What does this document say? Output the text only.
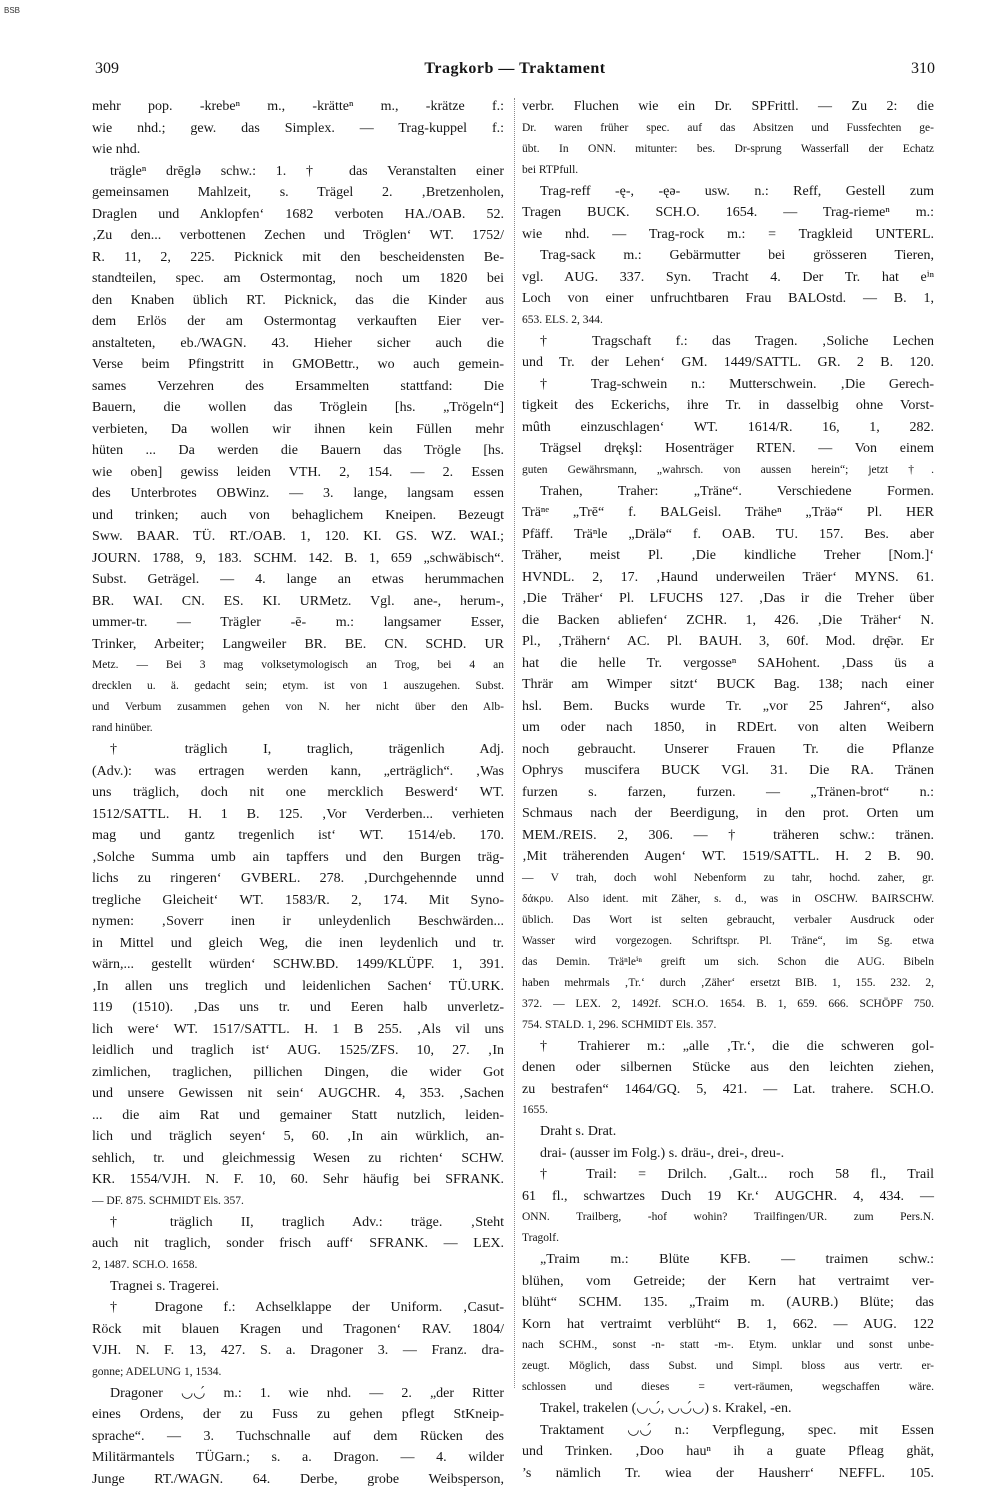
BSB
309	Tragkorb — Traktament	310
mehr pop. -krebeⁿ m., -krätteⁿ m., -krätze f.:
wie nhd.; gew. das Simplex. — Trag-kuppel f.:
wie nhd.
trägleⁿ drēglə schw.: 1. † das Veranstalten einer
gemeinsamen Mahlzeit, s. Trägel 2. ‚Bretzenholen,
Draglen und Anklopfen‘ 1682 verboten HA./OAB. 52.
‚Zu den... verbottenen Zechen und Tröglen‘ WT. 1752/
R. 11, 2, 225. Picknick mit den bescheidensten Be-
standteilen, spec. am Ostermontag, noch um 1820 bei
den Knaben üblich RT. Picknick, das die Kinder aus
dem Erlös der am Ostermontag verkauften Eier ver-
anstalteten, eb./WAGN. 43. Hieher sicher auch die
Verse beim Pfingstritt in GMOBettr., wo auch gemein-
sames Verzehren des Ersammelten stattfand: Die
Bauern, die wollen das Tröglein [hs. „Trögeln“]
verbieten, Da wollen wir ihnen kein Füllen mehr
hüten ... Da werden die Bauern das Trögle [hs.
wie oben] gewiss leiden VTH. 2, 154. — 2. Essen
des Unterbrotes OBWinz. — 3. lange, langsam essen
und trinken; auch von behaglichem Kneipen. Bezeugt
Sww. BAAR. TÜ. RT./OAB. 1, 120. KI. GS. WZ. WAI.;
JOURN. 1788, 9, 183. SCHM. 142. B. 1, 659 „schwäbisch“.
Subst. Geträgel. — 4. lange an etwas herummachen
BR. WAI. CN. ES. KI. URMetz. Vgl. ane-, herum-,
ummer-tr. — Trägler -ē- m.: langsamer Esser,
Trinker, Arbeiter; Langweiler BR. BE. CN. SCHD. UR
Metz. — Bei 3 mag volksetymologisch an Trog, bei 4 an
drecklen u. ä. gedacht sein; etym. ist von 1 auszugehen. Subst.
und Verbum zusammen gehen von N. her nicht über den Alb-
rand hinüber.
† träglich I, traglich, trägenlich Adj.
(Adv.): was ertragen werden kann, „erträglich“. ‚Was
uns träglich, doch nit one mercklich Beswerd‘ WT.
1512/SATTL. H. 1 B. 125. ‚Vor Verderben... verhieten
mag und gantz tregenlich ist‘ WT. 1514/eb. 170.
‚Solche Summa umb ain tapffers und den Burgen träg-
lichs zu ringeren‘ GVBERL. 278. ‚Durchgehennde unnd
tregliche Gleicheit‘ WT. 1583/R. 2, 174. Mit Syno-
nymen: ‚Soverr inen ir unleydenlich Beschwärden...
in Mittel und gleich Weg, die inen leydenlich und tr.
wärn,... gestellt würden‘ SCHW.BD. 1499/KLÜPF. 1, 391.
‚In allen uns treglich und leidenlichen Sachen‘ TÜ.URK.
119 (1510). ‚Das uns tr. und Eeren halb unverletz-
lich were‘ WT. 1517/SATTL. H. 1 B 255. ‚Als vil uns
leidlich und traglich ist‘ AUG. 1525/ZFS. 10, 27. ‚In
zimlichen, traglichen, pillichen Dingen, die wider Got
und unsere Gewissen nit sein‘ AUGCHR. 4, 353. ‚Sachen
... die aim Rat und gemainer Statt nutzlich, leiden-
lich und träglich seyen‘ 5, 60. ‚In ain würklich, an-
sehlich, tr. und gleichmessig Wesen zu richten‘ SCHW.
KR. 1554/VJH. N. F. 10, 60. Sehr häufig bei SFRANK.
— DF. 875. SCHMIDT Els. 357.
† träglich II, traglich Adv.: träge. ‚Steht
auch nit traglich, sonder frisch auff‘ SFRANK. — LEX.
2, 1487. SCH.O. 1658.
Tragnei s. Tragerei.
† Dragone f.: Achselklappe der Uniform. ‚Casut-
Röck mit blauen Kragen und Tragonen‘ RAV. 1804/
VJH. N. F. 13, 427. S. a. Dragoner 3. — Franz. dra-
gonne; ADELUNG 1, 1534.
Dragoner ◡◡́ m.: 1. wie nhd. — 2. „der Ritter
eines Ordens, der zu Fuss zu gehen pflegt StKneip-
sprache“. — 3. Tuchschnalle auf dem Rücken des
Militärmantels TÜGarn.; s. a. Dragon. — 4. wilder
Junge RT./WAGN. 64. Derbe, grobe Weibsperson,
verbr. Fluchen wie ein Dr. SPFrittl. — Zu 2: die
Dr. waren früher spec. auf das Absitzen und Fussfechten ge-
übt. In ONN. mitunter: bes. Dr-sprung Wasserfall der Echatz
bei RTPfull.
Trag-reff -ę-, -ęə- usw. n.: Reff, Gestell zum
Tragen BUCK. SCH.O. 1654. — Trag-riemeⁿ m.:
wie nhd. — Trag-rock m.: = Tragkleid UNTERL.
Trag-sack m.: Gebärmutter bei grösseren Tieren,
vgl. AUG. 337. Syn. Tracht 4. Der Tr. hat eⁱⁿ
Loch von einer unfruchtbaren Frau BALOstd. — B. 1,
653. ELS. 2, 344.
† Tragschaft f.: das Tragen. ‚Soliche Lechen
und Tr. der Lehen‘ GM. 1449/SATTL. GR. 2 B. 120.
† Trag-schwein n.: Mutterschwein. ‚Die Gerech-
tigkeit des Eckerichs, ihre Tr. in dasselbig ohne Vorst-
mûth einzuschlagen‘ WT. 1614/R. 16, 1, 282.
Trägsel drękşl: Hosenträger RTEN. — Von einem
guten Gewährsmann, „wahrsch. von aussen herein“; jetzt †.
Trahen, Traher: „Träne“. Verschiedene Formen.
Träⁿᵉ „Trē“ f. BALGeisl. Träheⁿ „Träə“ Pl. HER
Pfäff. Träⁿle „Drälə“ f. OAB. TU. 157. Bes. aber
Träher, meist Pl. ‚Die kindliche Treher [Nom.]‘
HVNDL. 2, 17. ‚Haund underweilen Träer‘ MYNS. 61.
‚Die Träher‘ Pl. LFUCHS 127. ‚Das ir die Treher über
die Backen abliefen‘ ZCHR. 1, 426. ‚Die Träher‘ N.
Pl., ‚Trähern‘ AC. Pl. BAUH. 3, 60f. Mod. drę̄ər. Er
hat die helle Tr. vergosseⁿ SAHohent. ‚Dass üs a
Thrär am Wimper sitzt‘ BUCK Bag. 138; nach einer
hsl. Bem. Bucks wurde Tr. „vor 25 Jahren“, also
um oder nach 1850, in RDErt. von alten Weibern
noch gebraucht. Unserer Frauen Tr. die Pflanze
Ophrys muscifera BUCK VGl. 31. Die RA. Tränen
furzen s. farzen, furzen. — „Tränen-brot“ n.:
Schmaus nach der Beerdigung, in den prot. Orten um
MEM./REIS. 2, 306. — † träheren schw.: tränen.
‚Mit träherenden Augen‘ WT. 1519/SATTL. H. 2 B. 90.
— V trah, doch wohl Nebenform zu tahr, hochd. zaher, gr.
δάκρυ. Also ident. mit Zäher, s. d., was in OSCHW. BAIRSCHW.
üblich. Das Wort ist selten gebraucht, verbaler Ausdruck oder
Wasser wird vorgezogen. Schriftspr. Pl. Träne“, im Sg. etwa
das Demin. Träⁿleⁱⁿ greift um sich. Schon die AUG. Bibeln
haben mehrmals ‚Tr.‘ durch ‚Zäher‘ ersetzt BIB. 1, 155. 232. 2,
372. — LEX. 2, 1492f. SCH.O. 1654. B. 1, 659. 666. SCHÖPF 750.
754. STALD. 1, 296. SCHMIDT Els. 357.
† Trahierer m.: „alle ‚Tr.‘, die die schweren gol-
denen oder silbernen Stücke aus den leichten ziehen,
zu bestrafen“ 1464/GQ. 5, 421. — Lat. trahere. SCH.O.
1655.
Draht s. Drat.
drai- (ausser im Folg.) s. dräu-, drei-, dreu-.
† Trail: = Drilch. ‚Galt... roch 58 fl., Trail
61 fl., schwartzes Duch 19 Kr.‘ AUGCHR. 4, 434. —
ONN. Trailberg, -hof wohin? Trailfingen/UR. zum Pers.N.
Tragolf.
„Traim m.: Blüte KFB. — traimen schw.:
blühen, vom Getreide; der Kern hat vertraimt ver-
blüht“ SCHM. 135. „Traim m. (AURB.) Blüte; das
Korn hat vertraimt verblüht“ B. 1, 662. — AUG. 122
nach SCHM., sonst -n- statt -m-. Etym. unklar und sonst unbe-
zeugt. Möglich, dass Subst. und Simpl. bloss aus vertr. er-
schlossen und dieses = vert-räumen, wegschaffen wäre.
Trakel, trakelen (◡◡́, ◡◡́◡) s. Krakel, -en.
Traktament ◡◡́ n.: Verpflegung, spec. mit Essen
und Trinken. ‚Doo hauⁿ ih a guate Pfleag ghät,
’s nämlich Tr. wiea der Hausherr‘ NEFFL. 105.
